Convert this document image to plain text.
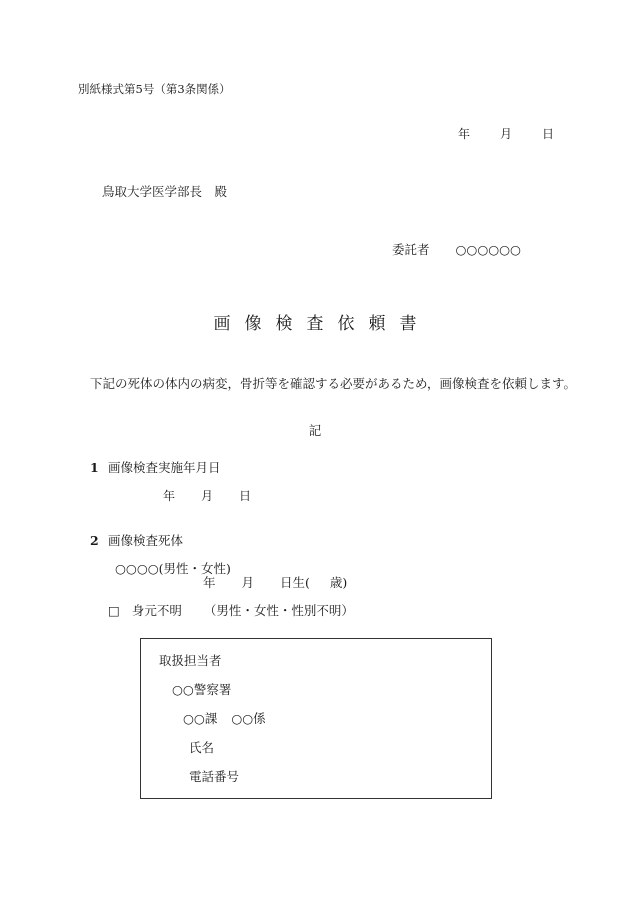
別紙様式第5号（第3条関係）
年	月	日
鳥取大学医学部長　殿
委託者 ○○○○○○
画像検査依頼書
下記の死体の体内の病変，骨折等を確認する必要があるため，画像検査を依頼します。
記
1 画像検査実施年月日
年 月 日
2 画像検査死体
○○○○(男性・女性)
年 月 日生( 歳)
□ 身元不明 （男性・女性・性別不明）
取扱担当者
○○警察署
○○課 ○○係
氏名
電話番号
